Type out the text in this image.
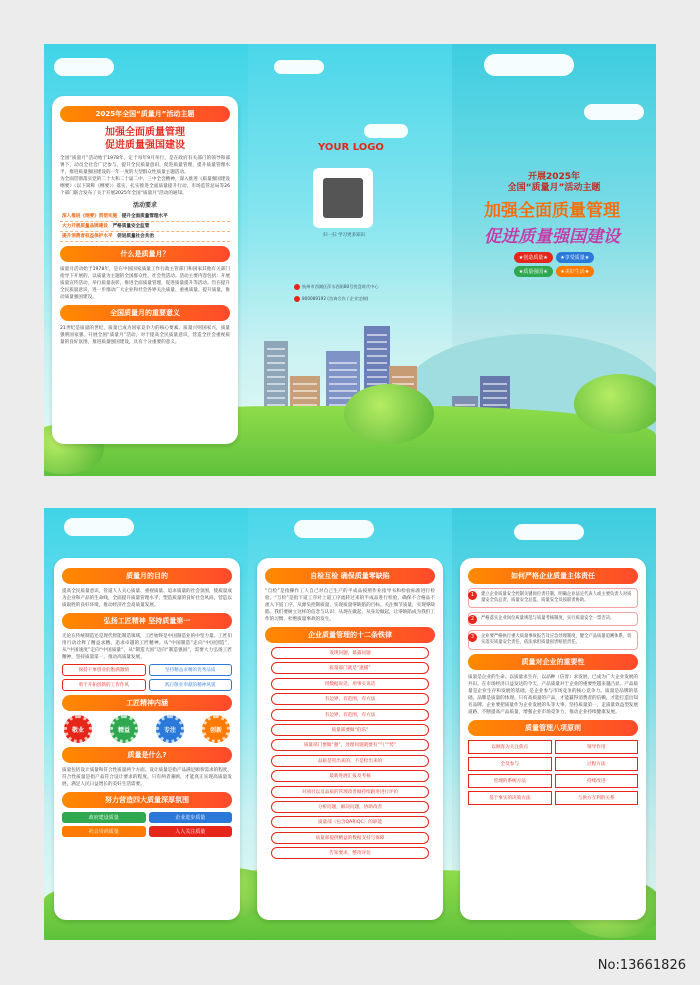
2025年全国“质量月”活动主题
加强全面质量管理
促进质量强国建设

全国“质量月”活动始于1978年，定于每年9月举行，是在政府有关部门的领导和部署下，动员全社会广泛参与，提升全民质量意识，促进质量管理，提升质量管理水平，推进质量强国建设的一年一度的大型群众性质量主题活动。

为全面贯彻落实党的二十大和二十届二中、三中全会精神，深入推进《质量强国建设纲要》（以下简称《纲要》）落实，扎实推进全面质量提升行动，市场监管总局等26个部门联合发布了关于开展2025年全国“质量月”活动的通知。

活动要求
深入推进《纲要》贯彻实施　 提升全面质量管理水平
大力开展质量品牌建设　 严格质量安全监管
提升消费者权益保护水平　 促进质量社会共治
什么是质量月？

质量月活动始于1978年，是在中国国家质量工作行政主管部门和国家其他有关部门指导下开展的，以质量为主题的全国群众性、社会性活动。活动主要内容包括：开展质量宣传活动，举行质量表彰，推进全面质量管理，促进质量提升等活动。旨在提升全民质量意识，进一步推动广大企业和社会各界关注质量、重视质量、提升质量，推动质量强国建设。

全国质量月的重要意义

21世纪是质量的世纪，质量已成为国家竞争力的核心要素。质量兴则国家兴，质量强则国家强。开展全国“质量月”活动，对于提高全民质量意识，营造全社会重视质量的良好氛围，推进质量强国建设，具有十分重要的意义。

YOUR LOGO
扫一扫 学习更多知识
杭州市西湖区萍水西街80号优盘时代中心
800089192 (咨询合作 / 企业定制)
开展2025年
全国“质量月”活动主题
加强全面质量管理
促进质量强国建设
★创造质量★	★享受质量★
★质量强国★	★美好生活★
质量月的目的

提高全民质量意识，管道人人关心质量、重视质量、追求质量的社会氛围，使质量成为企业和产品的生命线，全面提升质量管理水平，塑造质量的良好社会风尚，营造以质取胜的良好环境，推动经济社会高质量发展。

弘扬工匠精神 坚持质量第一

无论在传统制造还是现代智能制造领域，工匠始终是中国制造业的中坚力量。工匠们用行动诠释了精益求精、追求卓越的工匠精神。从“中国制造”走向“中国创造”，从“中国速度”走向“中国质量”，从“制造大国”迈向“制造强国”，需要大力弘扬工匠精神，坚持质量第一，推动高质量发展。

保持干事创业的饱满激情	坚持精益求精的优秀品质
勇于开拓创新的工作作风	践行敬业奉献的精神风貌
工匠精神内涵
敬业	精益	专注	创新
质量是什么?

质量包括设计质量和符合性质量两个方面。设计质量是指产品满足顾客需求的程度，符合性质量是指产品符合设计要求的程度。只有两者兼顾，才能真正实现高质量发展，满足人民日益增长的美好生活需要。

努力营造四大质量深厚氛围
政府建设质量	企业进步质量
社会崇尚质量	人人关注质量
自检互检 确保质量零缺陷

“自检”是指操作工人自己对自己生产的半成品按照作业指导书和检验标准进行检验。“互检”是指下道工序对上道工序流转过来的半成品进行检验，确保不合格品不流入下道工序，从源头控制质量，实现质量零缺陷的目标。关注细节质量，实现零缺陷。我们要树立这样的信念与认识：从现在做起，从身边做起，让零缺陷成为我们工作的习惯，杜绝质量事故的发生。

企业质量管理的十二条铁律
发现问题，暴露问题
质量部门就是“逮捕”
用数据说话，用事实说话
有边界，有范围，有方法
有边界，有范围，有方法
质量部要做“伯乐”
质量部门要做“强”，处理问题就要有“气”“势”
品质是管出来的，不是检出来的
最新进展汇报及考核
对项目以及品质的管理改善做持续跟进进行评价
分析问题，解决问题，协助改善
质量部（包含QA和QC）的职能
质量部提供精益的数据支持与保障
告知要求，整改评估
如何严格企业质量主体责任
1	建立企业质量安全控制关键岗位责任制，明确企业法定代表人或主要负责人对质量安全负总责，质量安全总监、质量安全员按职责协助。
2	严格落实企业岗位质量规范与质量考核制度，实行质量安全一票否决。
3	企业要严格执行重大质量事故报告及应急处理制度，健全产品质量追溯体系，切实落实质量安全责任，依法承担质量损害赔偿责任。
质量对企业的重要性

质量是企业的生命。以质量求生存，以品种（信誉）求发展，已成为广大企业发展的共识。在市场经济日益发达的今天，产品质量对于企业的重要性越来越凸显。产品质量是企业生存和发展的基础，是企业参与市场竞争的核心竞争力。质量是品牌的基础，品牌是质量的体现。只有高质量的产品，才能赢得消费者的信赖，才能打造出知名品牌。企业要把质量作为企业发展的头等大事，坚持质量第一，走质量效益型发展道路，不断提高产品质量，增强企业市场竞争力，推动企业持续健康发展。

质量管理八项原则
以顾客为关注焦点	领导作用
全员参与	过程方法
管理的系统方法	持续改进
基于事实的决策方法	与供方互利的关系
No:13661826
